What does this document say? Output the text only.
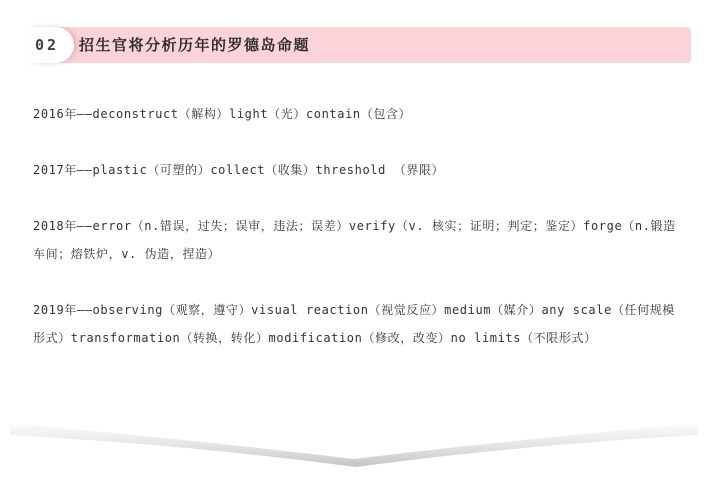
02 招生官将分析历年的罗德岛命题

2016年——deconstruct（解构）light（光）contain（包含）

2017年——plastic（可塑的）collect（收集）threshold （界限）

2018年——error（n.错误，过失；误审，违法；误差）verify（v. 核实；证明；判定；鉴定）forge（n.锻造车间；熔铁炉，v. 伪造，捏造）

2019年——observing（观察，遵守）visual reaction（视觉反应）medium（媒介）any scale（任何规模形式）transformation（转换，转化）modification（修改，改变）no limits（不限形式）
